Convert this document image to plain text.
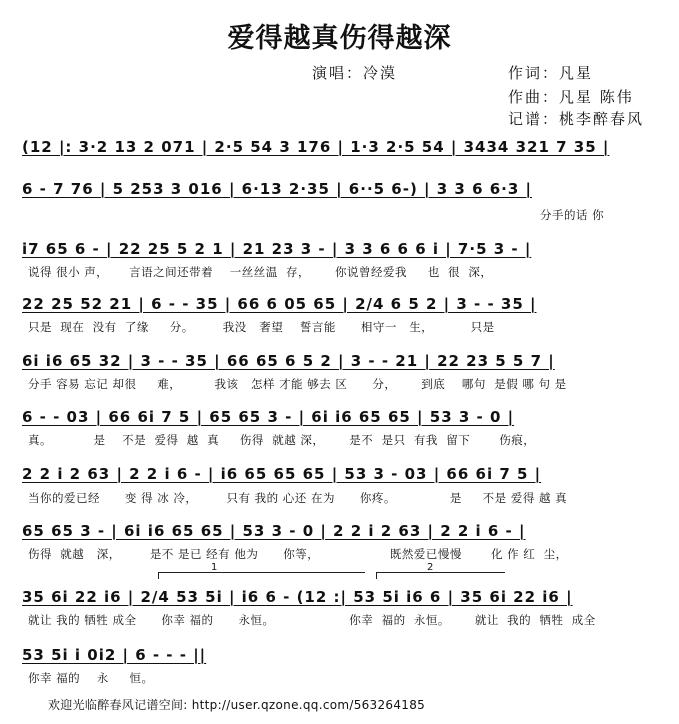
爱得越真伤得越深
演唱：冷漠	作词：凡星
作曲：凡星 陈伟
记谱：桃李醉春风
(12 |: 3·2 13 2 071 | 2·5 54 3 176 | 1·3 2·5 54 | 3434 321 7 35 |
6 - 7 76 | 5 253 3 016 | 6·13 2·35 | 6··5 6-) | 3 3 6 6·3 |
分手的话 你
i7 65 6 - | 22 25 5 2 1 | 21 23 3 - | 3 3 6 6 6 i | 7·5 3 - |
说得 很小 声，     言语之间还带着    一丝丝温  存，      你说曾经爱我     也  很  深，
22 25 52 21 | 6 - - 35 | 66 6 05 65 | 2/4 6 5 2 | 3 - - 35 |
只是  现在  没有  了缘     分。       我没   奢望    誓言能      相守一   生，         只是
6i i6 65 32 | 3 - - 35 | 66 65 6 5 2 | 3 - - 21 | 22 23 5 5 7 |
分手 容易 忘记 却很     难，        我该   怎样 才能 够去 区      分，      到底    哪句  是假 哪 句 是
6 - - 03 | 66 6i 7 5 | 65 65 3 - | 6i i6 65 65 | 53 3 - 0 |
真。          是    不是  爱得  越  真     伤得  就越 深，      是不  是只  有我  留下       伤痕，
2 2 i 2 63 | 2 2 i 6 - | i6 65 65 65 | 53 3 - 03 | 66 6i 7 5 |
当你的爱已经      变 得 冰 冷，       只有 我的 心还 在为      你疼。             是     不是 爱得 越 真
65 65 3 - | 6i i6 65 65 | 53 3 - 0 | 2 2 i 2 63 | 2 2 i 6 - |
伤得  就越   深，       是不 是已 经有 他为      你等，                 既然爱已慢慢       化 作 红  尘，
1	2
35 6i 22 i6 | 2/4 53 5i | i6 6 - (12 :| 53 5i i6 6 | 35 6i 22 i6 |
就让 我的 牺牲 成全      你幸 福的      永恒。                  你幸  福的  永恒。      就让  我的  牺牲  成全
53 5i i 0i2 | 6 - - - ||
你幸 福的    永     恒。
欢迎光临醉春风记谱空间: http://user.qzone.qq.com/563264185
